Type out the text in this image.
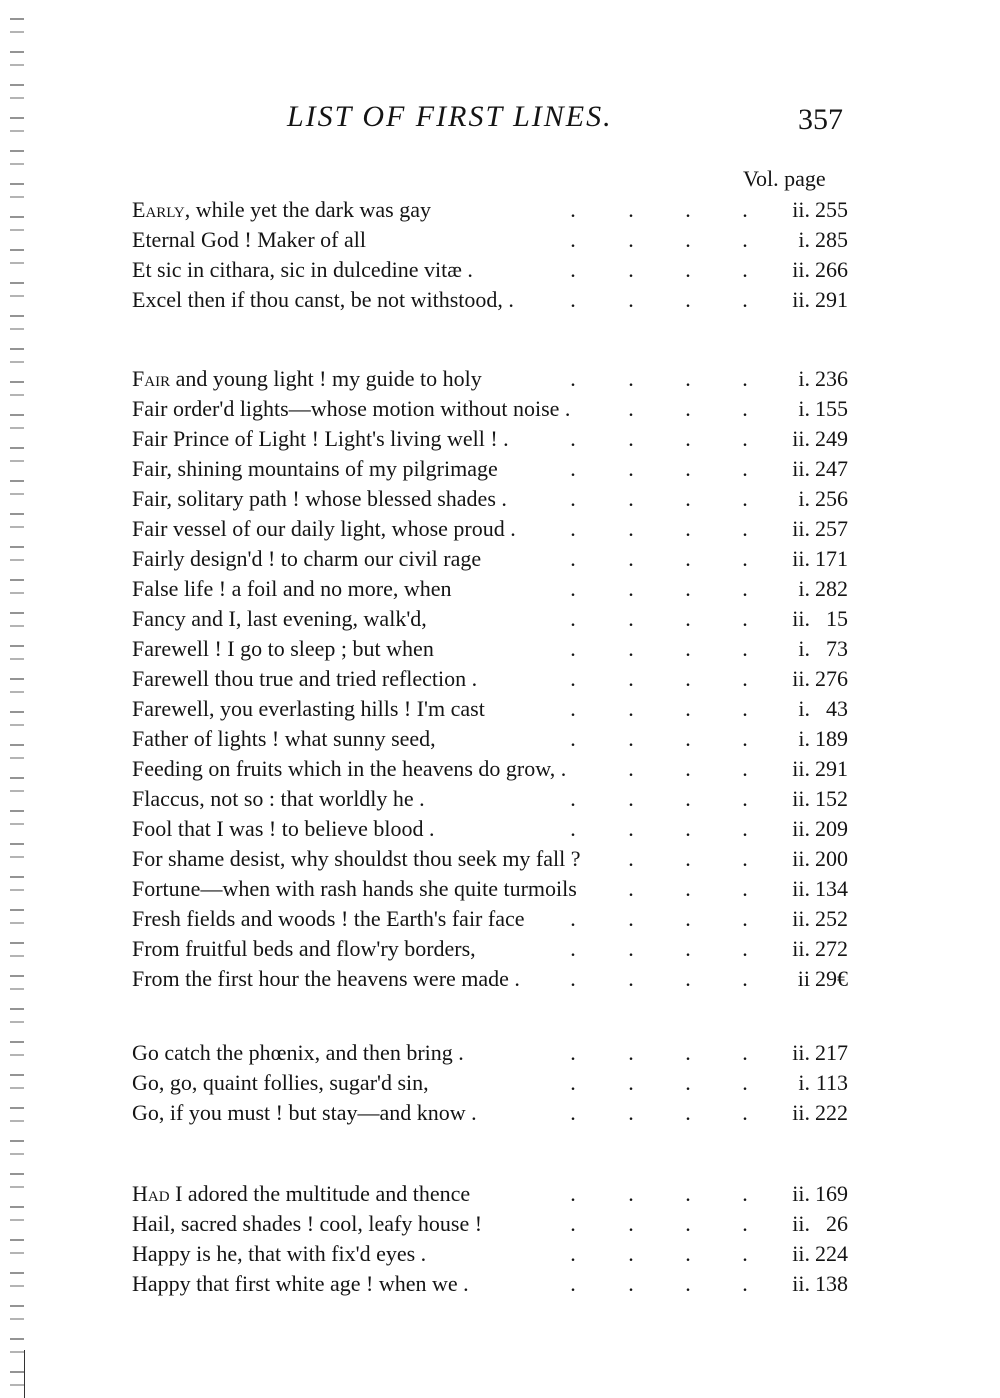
LIST OF FIRST LINES.	357
Vol. page
Early, while yet the dark was gay	ii. 255
. . . .
Eternal God ! Maker of all	i. 285
. . . .
Et sic in cithara, sic in dulcedine vitæ .	ii. 266
. . . .
Excel then if thou canst, be not withstood, .	ii. 291
. . . .
Fair and young light ! my guide to holy	i. 236
. . . .
Fair order'd lights—whose motion without noise .	i. 155
. . .
Fair Prince of Light ! Light's living well ! .	ii. 249
. . . .
Fair, shining mountains of my pilgrimage	ii. 247
. . . .
Fair, solitary path ! whose blessed shades .	i. 256
. . . .
Fair vessel of our daily light, whose proud .	ii. 257
. . . .
Fairly design'd ! to charm our civil rage	ii. 171
. . . .
False life ! a foil and no more, when	i. 282
. . . .
Fancy and I, last evening, walk'd,	ii. 15
. . . .
Farewell ! I go to sleep ; but when	i. 73
. . . .
Farewell thou true and tried reflection .	ii. 276
. . . .
Farewell, you everlasting hills ! I'm cast	i. 43
. . . .
Father of lights ! what sunny seed,	i. 189
. . . .
Feeding on fruits which in the heavens do grow, .	ii. 291
. . .
Flaccus, not so : that worldly he .	ii. 152
. . . .
Fool that I was ! to believe blood .	ii. 209
. . . .
For shame desist, why shouldst thou seek my fall ?	ii. 200
. . .
Fortune—when with rash hands she quite turmoils	ii. 134
. . .
Fresh fields and woods ! the Earth's fair face	ii. 252
. . . .
From fruitful beds and flow'ry borders,	ii. 272
. . . .
From the first hour the heavens were made .	ii 29€
. . . .
Go catch the phœnix, and then bring .	ii. 217
. . . .
Go, go, quaint follies, sugar'd sin,	i. 113
. . . .
Go, if you must ! but stay—and know .	ii. 222
. . . .
Had I adored the multitude and thence	ii. 169
. . . .
Hail, sacred shades ! cool, leafy house !	ii. 26
. . . .
Happy is he, that with fix'd eyes .	ii. 224
. . . .
Happy that first white age ! when we .	ii. 138
. . . .
